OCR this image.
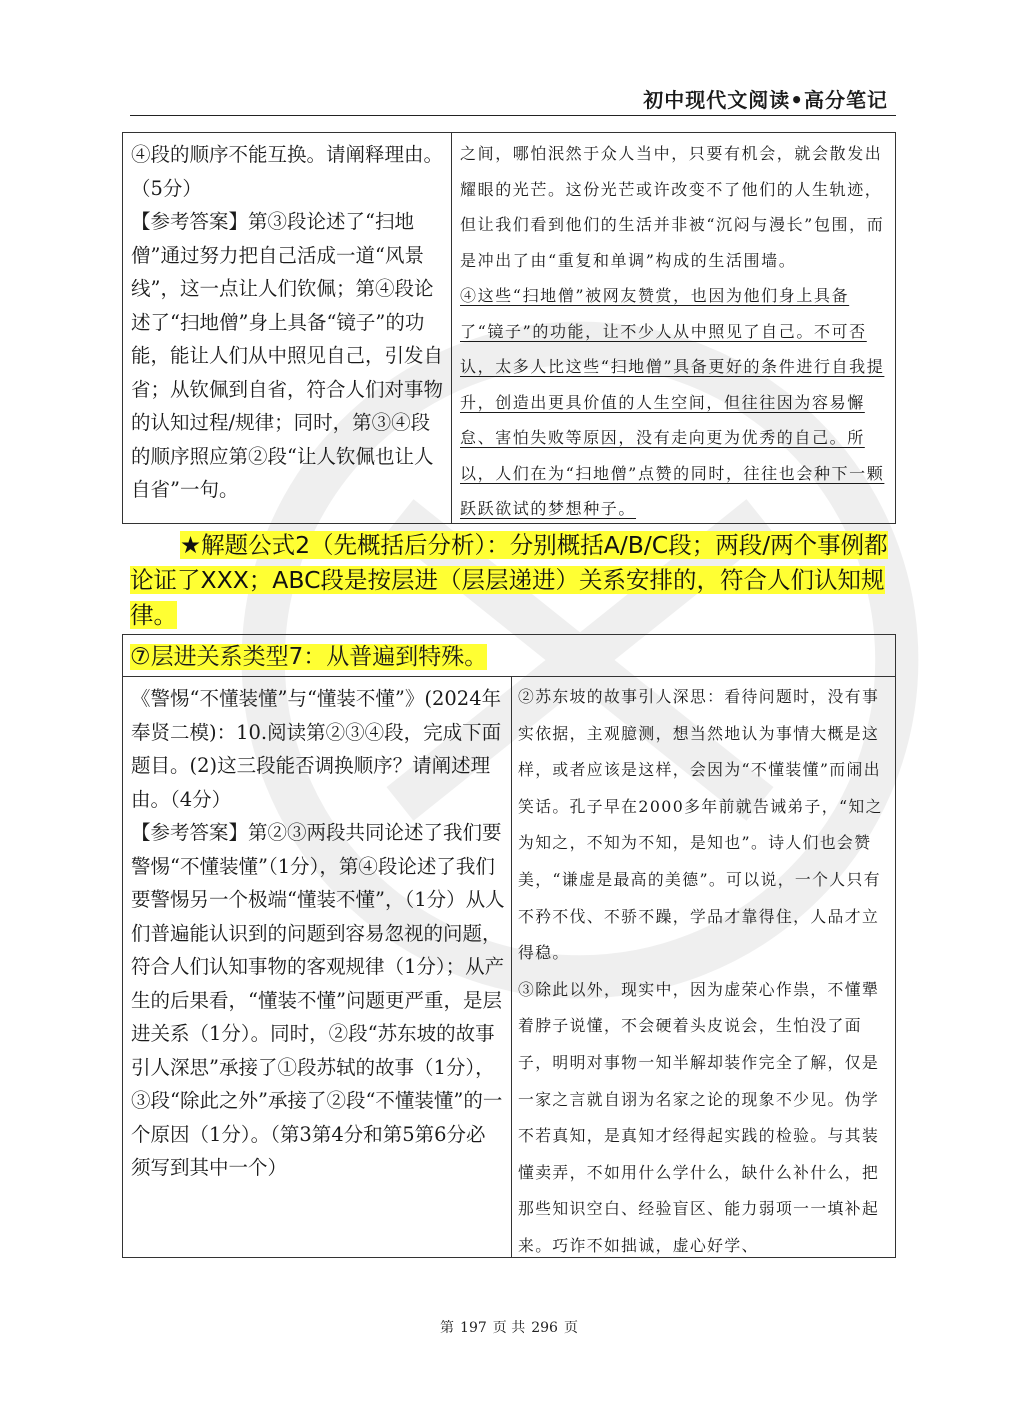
初中现代文阅读•高分笔记
④段的顺序不能互换。请阐释理由。（5分）
【参考答案】第③段论述了“扫地僧”通过努力把自己活成一道“风景线”，这一点让人们钦佩；第④段论述了“扫地僧”身上具备“镜子”的功能，能让人们从中照见自己，引发自省；从钦佩到自省，符合人们对事物的认知过程/规律；同时，第③④段的顺序照应第②段“让人钦佩也让人自省”一句。
之间，哪怕泯然于众人当中，只要有机会，就会散发出耀眼的光芒。这份光芒或许改变不了他们的人生轨迹，但让我们看到他们的生活并非被“沉闷与漫长”包围，而是冲出了由“重复和单调”构成的生活围墙。
④这些“扫地僧”被网友赞赏，也因为他们身上具备了“镜子”的功能，让不少人从中照见了自己。不可否认，太多人比这些“扫地僧”具备更好的条件进行自我提升，创造出更具价值的人生空间，但往往因为容易懈怠、害怕失败等原因，没有走向更为优秀的自己。所以，人们在为“扫地僧”点赞的同时，往往也会种下一颗跃跃欲试的梦想种子。
★解题公式2（先概括后分析）：分别概括A/B/C段；两段/两个事例都论证了XXX；ABC段是按层进（层层递进）关系安排的，符合人们认知规律。
⑦层进关系类型7：从普遍到特殊。
《警惕“不懂装懂”与“懂装不懂”》(2024年奉贤二模)：10.阅读第②③④段，完成下面题目。(2)这三段能否调换顺序？请阐述理由。（4分）
【参考答案】第②③两段共同论述了我们要警惕“不懂装懂”（1分），第④段论述了我们要警惕另一个极端“懂装不懂”，（1分）从人们普遍能认识到的问题到容易忽视的问题，符合人们认知事物的客观规律（1分）；从产生的后果看，“懂装不懂”问题更严重，是层进关系（1分）。同时，②段“苏东坡的故事引人深思”承接了①段苏轼的故事（1分），③段“除此之外”承接了②段“不懂装懂”的一个原因（1分）。（第3第4分和第5第6分必须写到其中一个）
②苏东坡的故事引人深思：看待问题时，没有事实依据，主观臆测，想当然地认为事情大概是这样，或者应该是这样，会因为“不懂装懂”而闹出笑话。孔子早在2000多年前就告诫弟子，“知之为知之，不知为不知，是知也”。诗人们也会赞美，“谦虚是最高的美德”。可以说，一个人只有不矜不伐、不骄不躁，学品才靠得住，人品才立得稳。
③除此以外，现实中，因为虚荣心作祟，不懂犟着脖子说懂，不会硬着头皮说会，生怕没了面子，明明对事物一知半解却装作完全了解，仅是一家之言就自诩为名家之论的现象不少见。伪学不若真知，是真知才经得起实践的检验。与其装懂卖弄，不如用什么学什么，缺什么补什么，把那些知识空白、经验盲区、能力弱项一一填补起来。巧诈不如拙诚，虚心好学、
第 197 页 共 296 页
